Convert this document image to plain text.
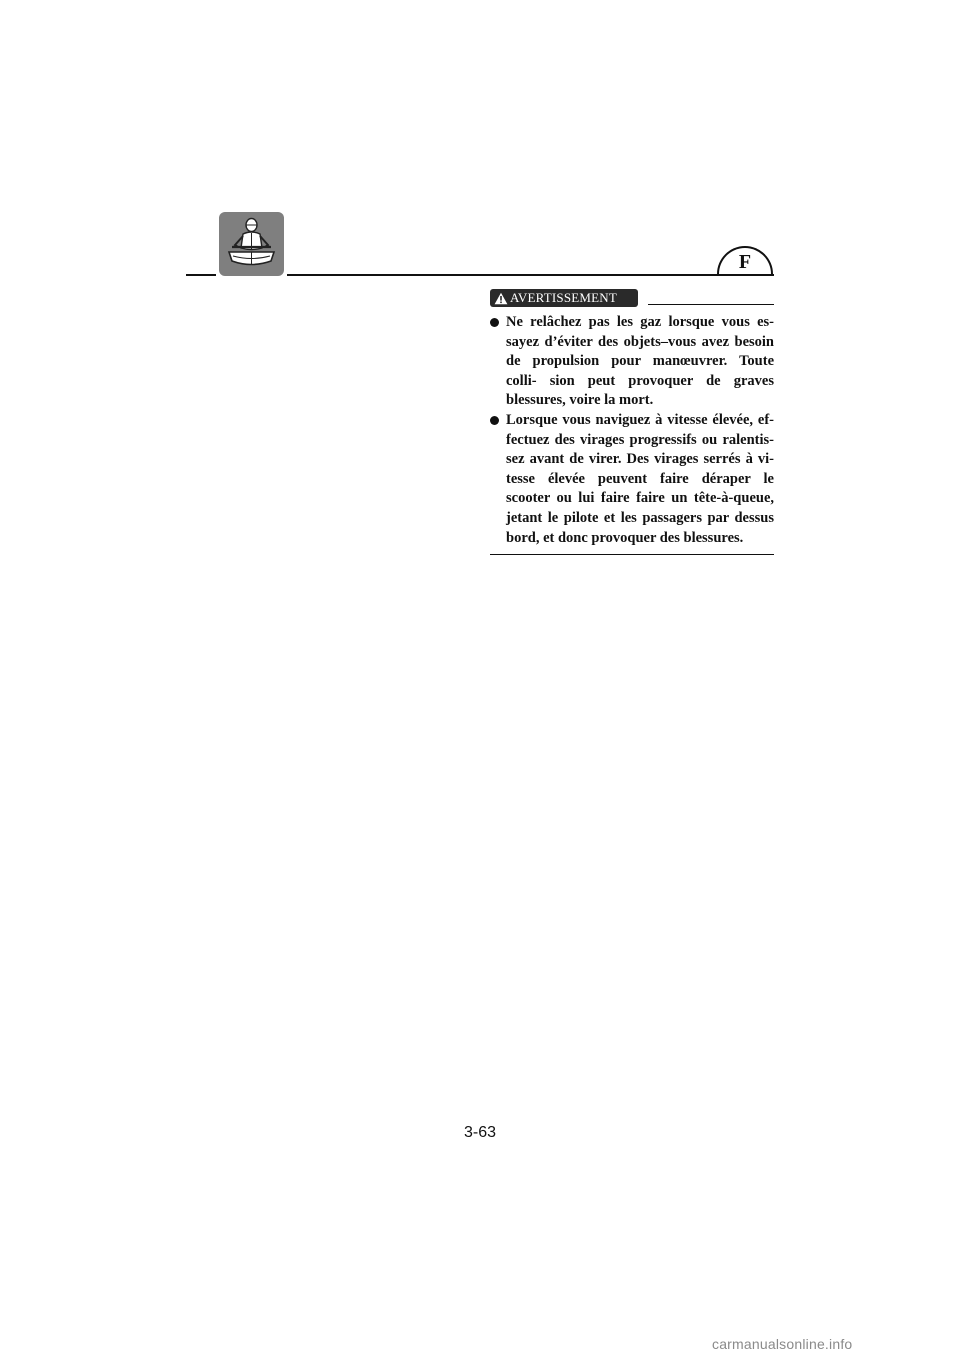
F
AVERTISSEMENT
Ne relâchez pas les gaz lorsque vous es- sayez d’éviter des objets–vous avez besoin de propulsion pour manœuvrer. Toute colli- sion peut provoquer de graves blessures, voire la mort.
Lorsque vous naviguez à vitesse élevée, ef- fectuez des virages progressifs ou ralentis- sez avant de virer. Des virages serrés à vi- tesse élevée peuvent faire déraper le scooter ou lui faire faire un tête-à-queue, jetant le pilote et les passagers par dessus bord, et donc provoquer des blessures.
3-63
carmanualsonline.info
